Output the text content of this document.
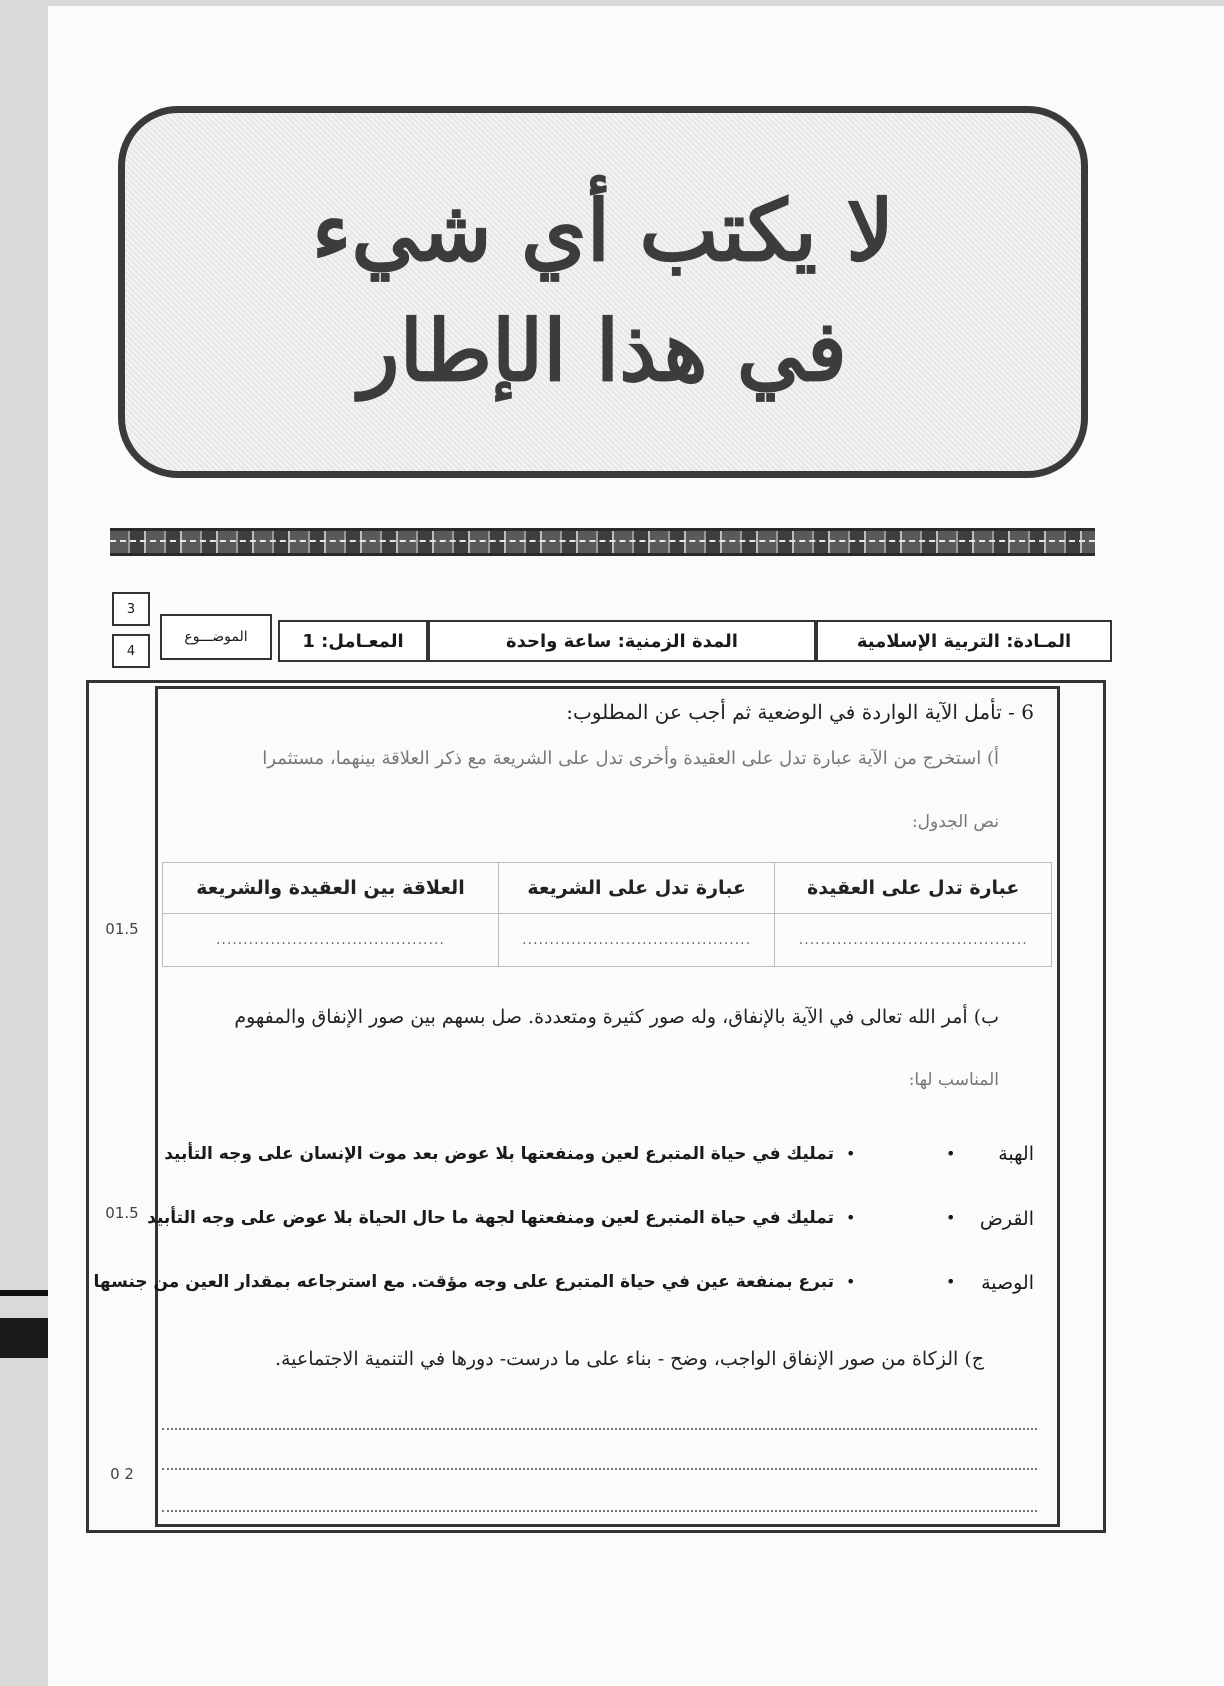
لا يكتب أي شيء
في هذا الإطار
3
4
الموضـــوع	المعـامل: 1	المدة الزمنية: ساعة واحدة	المـادة: التربية الإسلامية
01.5
01.5
0 2
6 - تأمل الآية الواردة في الوضعية ثم أجب عن المطلوب:
أ) استخرج من الآية عبارة تدل على العقيدة وأخرى تدل على الشريعة مع ذكر العلاقة بينهما، مستثمرا
نص الجدول:
عبارة تدل على العقيدة	عبارة تدل على الشريعة	العلاقة بين العقيدة والشريعة
..........................................	..........................................	..........................................
ب) أمر الله تعالى في الآية بالإنفاق، وله صور كثيرة ومتعددة. صل بسهم بين صور الإنفاق والمفهوم
المناسب لها:
الهبة
•
•
تمليك في حياة المتبرع لعين ومنفعتها بلا عوض بعد موت الإنسان على وجه التأبيد
القرض
•
•
تمليك في حياة المتبرع لعين ومنفعتها لجهة ما حال الحياة بلا عوض على وجه التأبيد
الوصية
•
•
تبرع بمنفعة عين في حياة المتبرع على وجه مؤقت. مع استرجاعه بمقدار العين من جنسها
ج) الزكاة من صور الإنفاق الواجب، وضح - بناء على ما درست- دورها في التنمية الاجتماعية.
